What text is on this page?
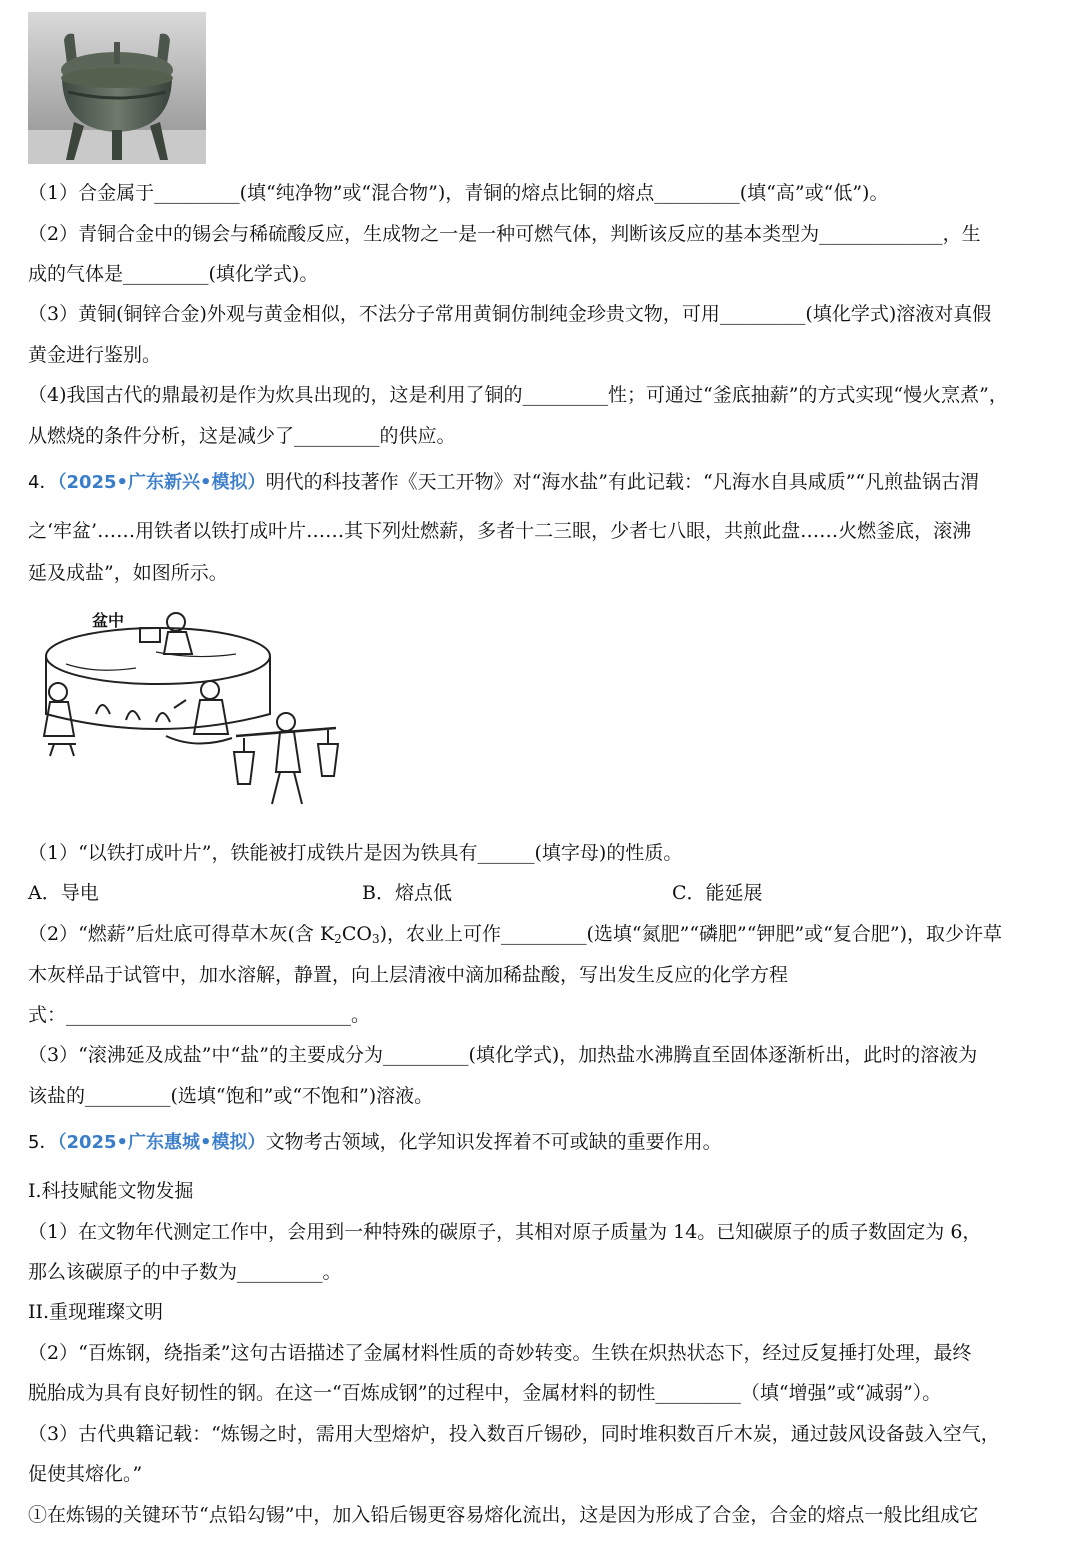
（1）合金属于_________(填“纯净物”或“混合物”)，青铜的熔点比铜的熔点_________(填“高”或“低”)。
（2）青铜合金中的锡会与稀硫酸反应，生成物之一是一种可燃气体，判断该反应的基本类型为_____________，生
成的气体是_________(填化学式)。
（3）黄铜(铜锌合金)外观与黄金相似，不法分子常用黄铜仿制纯金珍贵文物，可用_________(填化学式)溶液对真假
黄金进行鉴别。
（4)我国古代的鼎最初是作为炊具出现的，这是利用了铜的_________性；可通过“釜底抽薪”的方式实现“慢火烹煮”，
从燃烧的条件分析，这是减少了_________的供应。
4．（2025•广东新兴•模拟）明代的科技著作《天工开物》对“海水盐”有此记载：“凡海水自具咸质”“凡煎盐锅古渭
之‘牢盆’……用铁者以铁打成叶片……其下列灶燃薪，多者十二三眼，少者七八眼，共煎此盘……火燃釜底，滚沸
延及成盐”，如图所示。
盆中
（1）“以铁打成叶片”，铁能被打成铁片是因为铁具有______(填字母)的性质。
A．导电	B．熔点低	C．能延展
（2）“燃薪”后灶底可得草木灰(含 $K_2CO_3$)，农业上可作_________(选填“氮肥”“磷肥”“钾肥”或“复合肥”)，取少许草
木灰样品于试管中，加水溶解，静置，向上层清液中滴加稀盐酸，写出发生反应的化学方程
式：______________________________。
（3）“滚沸延及成盐”中“盐”的主要成分为_________(填化学式)，加热盐水沸腾直至固体逐渐析出，此时的溶液为
该盐的_________(选填“饱和”或“不饱和”)溶液。
5．（2025•广东惠城•模拟）文物考古领域，化学知识发挥着不可或缺的重要作用。
I.科技赋能文物发掘
（1）在文物年代测定工作中，会用到一种特殊的碳原子，其相对原子质量为 14。已知碳原子的质子数固定为 6，
那么该碳原子的中子数为_________。
II.重现璀璨文明
（2）“百炼钢，绕指柔”这句古语描述了金属材料性质的奇妙转变。生铁在炽热状态下，经过反复捶打处理，最终
脱胎成为具有良好韧性的钢。在这一“百炼成钢”的过程中，金属材料的韧性_________（填“增强”或“减弱”）。
（3）古代典籍记载：“炼锡之时，需用大型熔炉，投入数百斤锡砂，同时堆积数百斤木炭，通过鼓风设备鼓入空气，
促使其熔化。”
①在炼锡的关键环节“点铅勾锡”中，加入铅后锡更容易熔化流出，这是因为形成了合金，合金的熔点一般比组成它
